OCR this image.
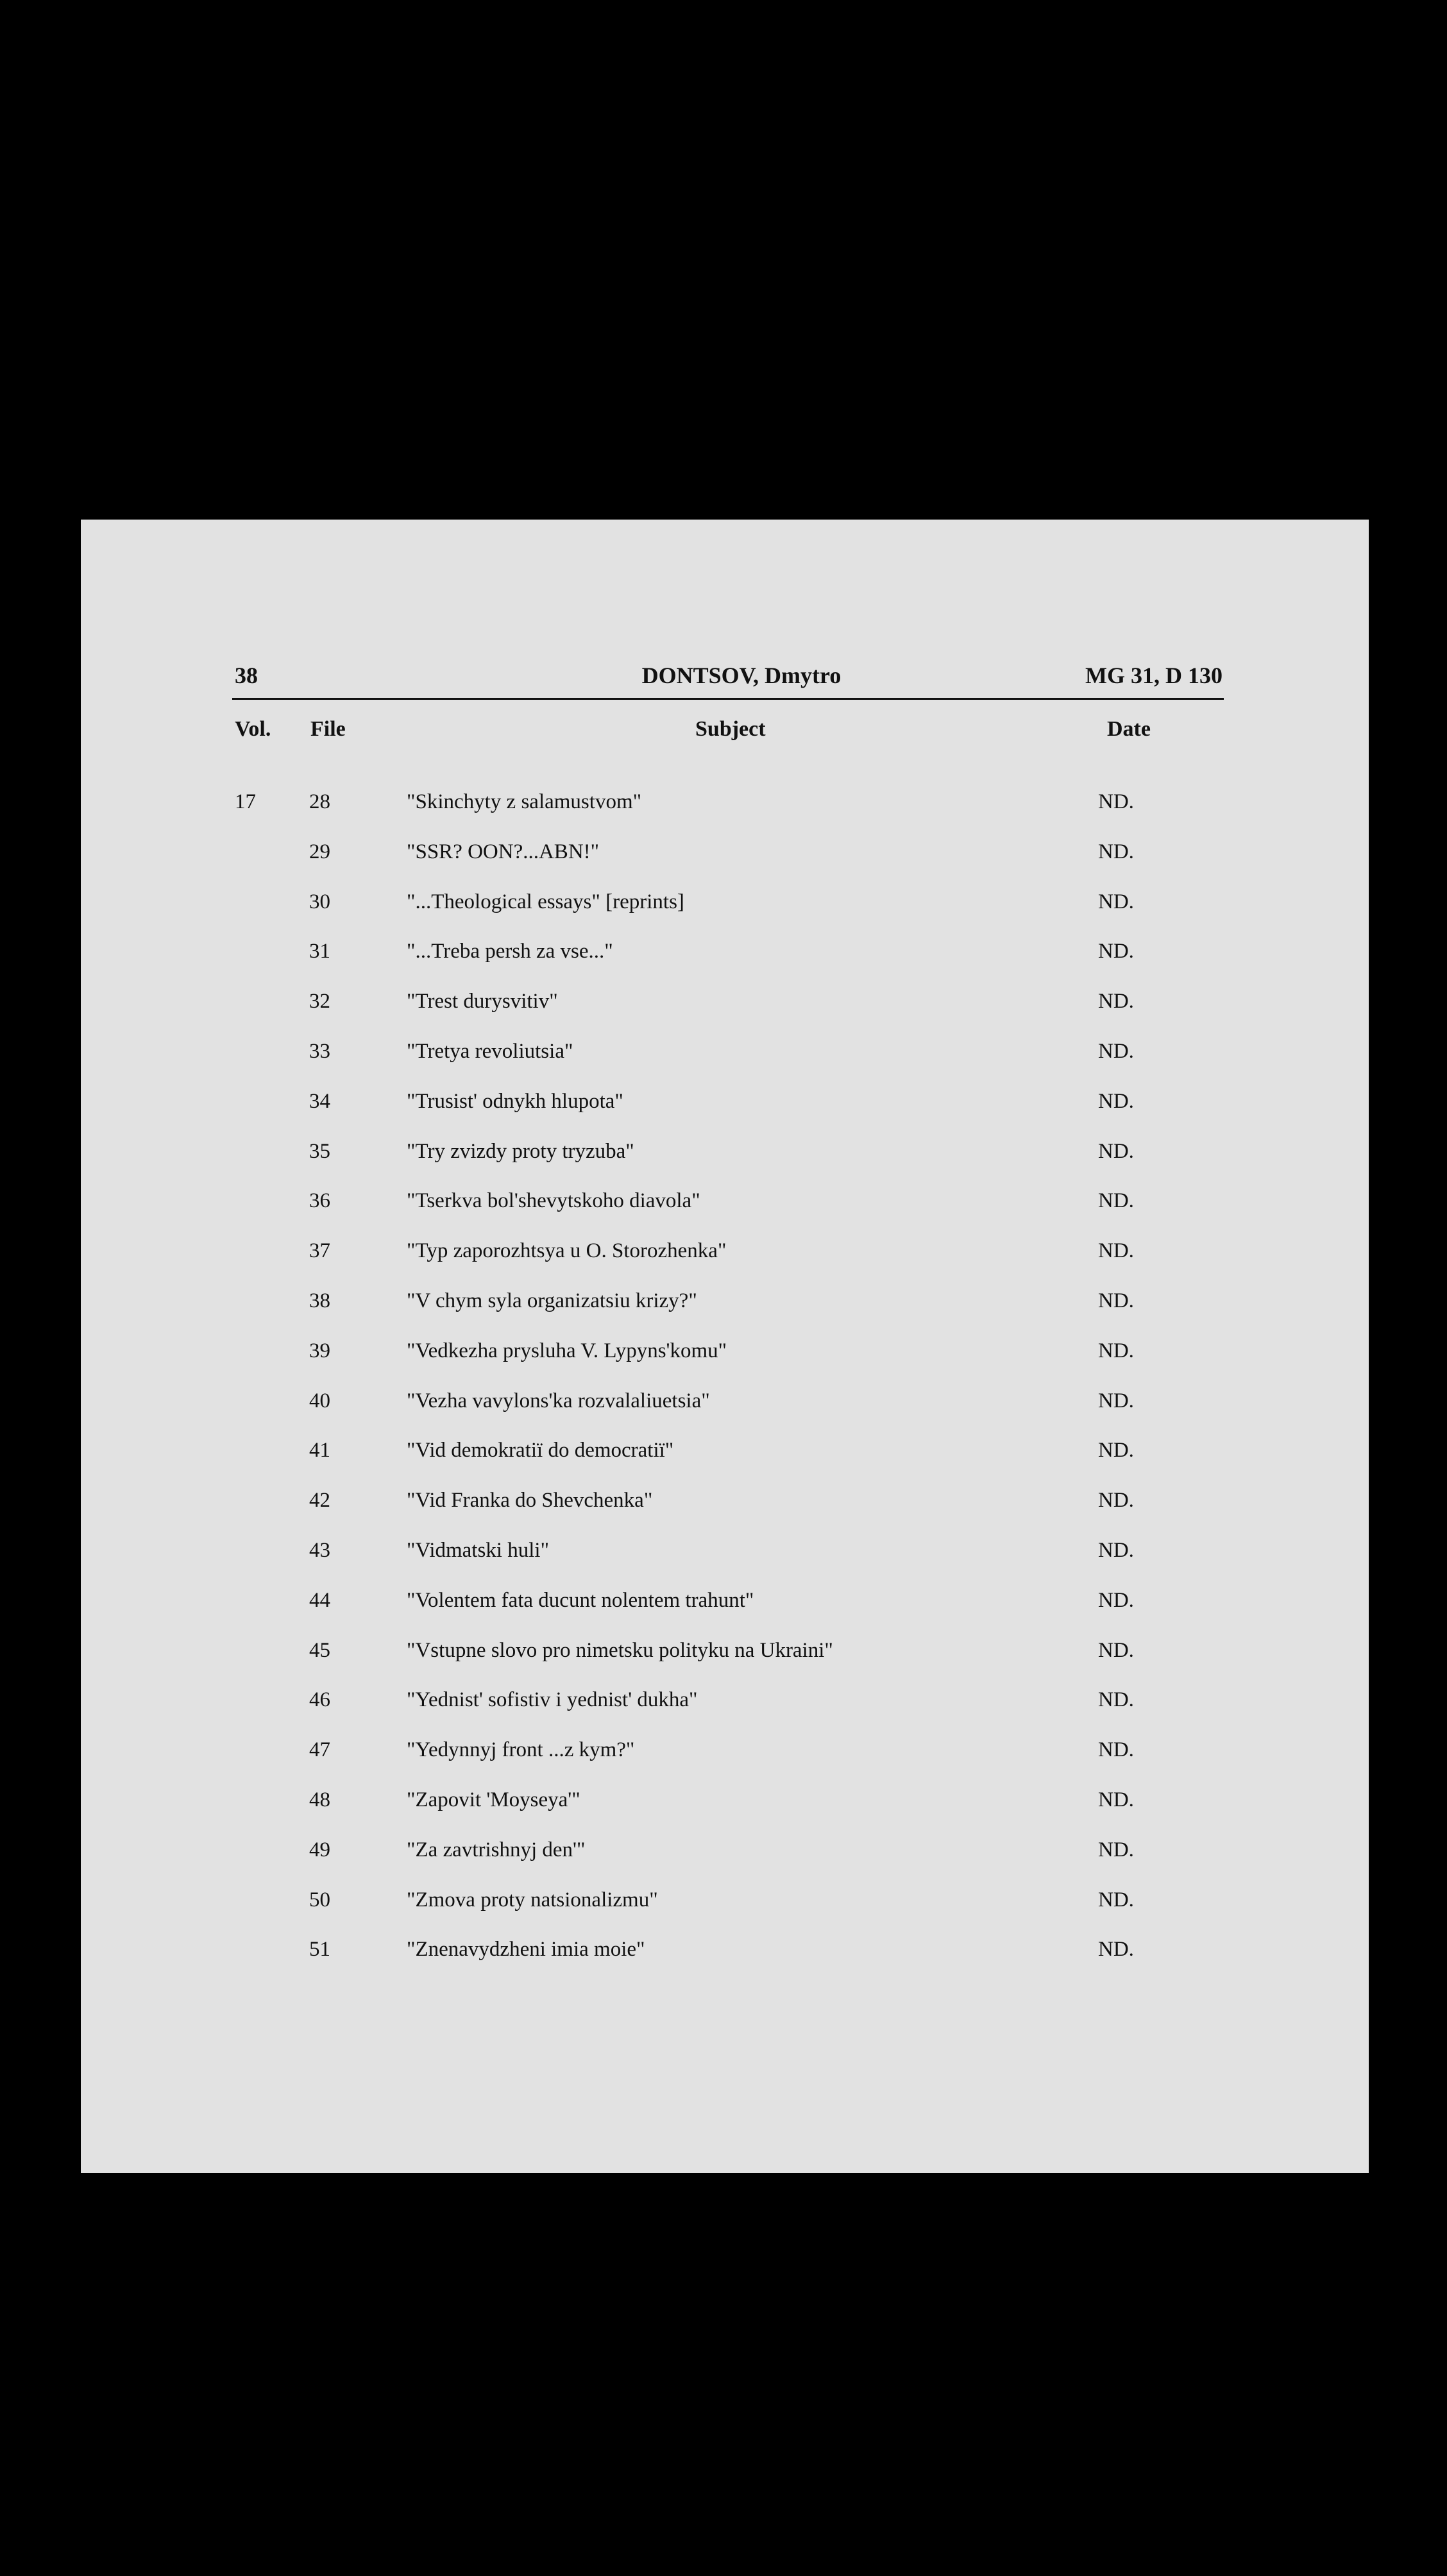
38	DONTSOV, Dmytro	MG 31, D 130
Vol. File	Subject	Date
17	28	"Skinchyty z salamustvom"	ND.
29	"SSR? OON?...ABN!"	ND.
30	"...Theological essays" [reprints]	ND.
31	"...Treba persh za vse..."	ND.
32	"Trest durysvitiv"	ND.
33	"Tretya revoliutsia"	ND.
34	"Trusist' odnykh hlupota"	ND.
35	"Try zvizdy proty tryzuba"	ND.
36	"Tserkva bol'shevytskoho diavola"	ND.
37	"Typ zaporozhtsya u O. Storozhenka"	ND.
38	"V chym syla organizatsiu krizy?"	ND.
39	"Vedkezha prysluha V. Lypyns'komu"	ND.
40	"Vezha vavylons'ka rozvalaliuetsia"	ND.
41	"Vid demokratiï do democratiï"	ND.
42	"Vid Franka do Shevchenka"	ND.
43	"Vidmatski huli"	ND.
44	"Volentem fata ducunt nolentem trahunt"	ND.
45	"Vstupne slovo pro nimetsku polityku na Ukraini"	ND.
46	"Yednist' sofistiv i yednist' dukha"	ND.
47	"Yedynnyj front ...z kym?"	ND.
48	"Zapovit 'Moyseya'"	ND.
49	"Za zavtrishnyj den'"	ND.
50	"Zmova proty natsionalizmu"	ND.
51	"Znenavydzheni imia moie"	ND.
